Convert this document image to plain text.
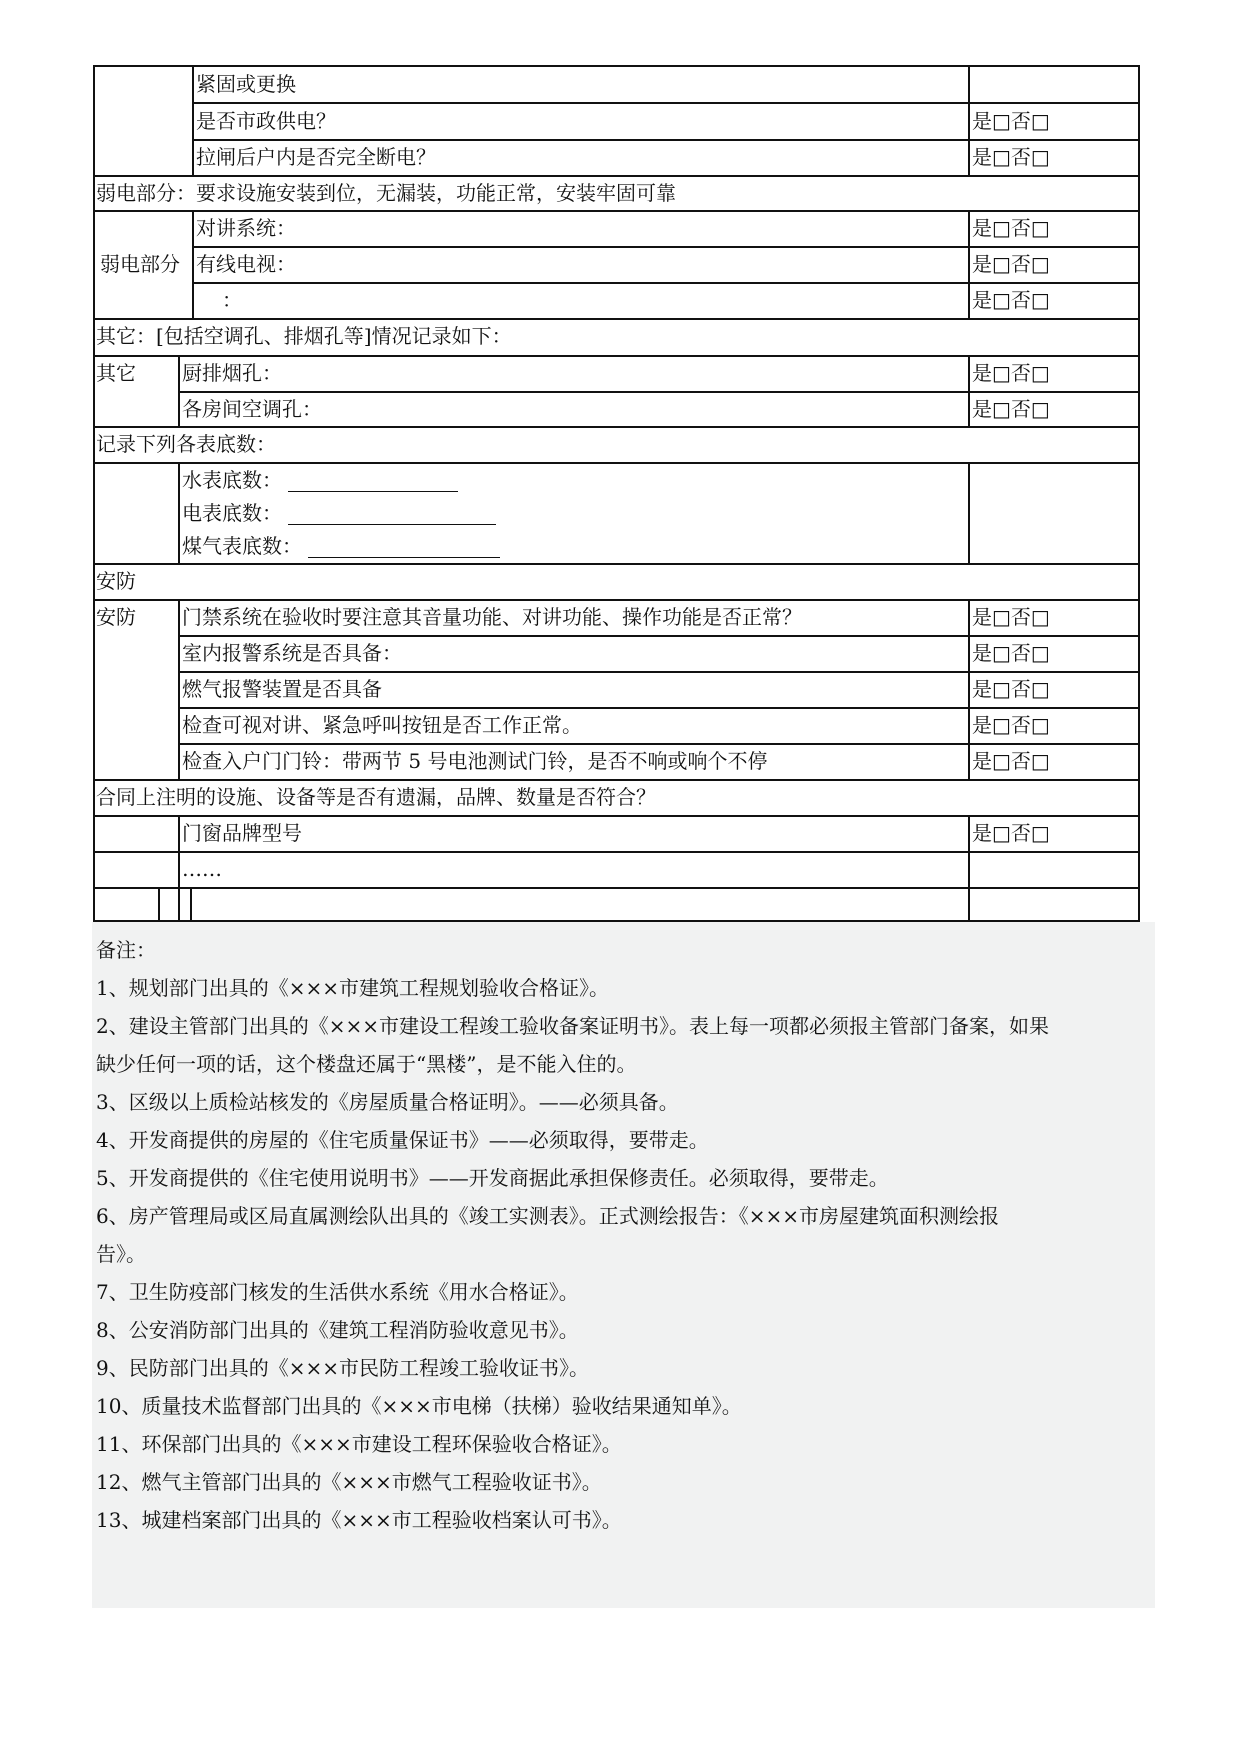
紧固或更换
是否市政供电？	是□否□
拉闸后户内是否完全断电？	是□否□
弱电部分：要求设施安装到位，无漏装，功能正常，安装牢固可靠
弱电部分
对讲系统：	是□否□
有线电视：	是□否□
：	是□否□
其它：[包括空调孔、排烟孔等]情况记录如下：
其它 厨排烟孔：	是□否□
各房间空调孔：	是□否□
记录下列各表底数：
水表底数：
电表底数：
煤气表底数：
安防
安防 门禁系统在验收时要注意其音量功能、对讲功能、操作功能是否正常？	是□否□
室内报警系统是否具备：	是□否□
燃气报警装置是否具备	是□否□
检查可视对讲、紧急呼叫按钮是否工作正常。	是□否□
检查入户门门铃：带两节 5 号电池测试门铃，是否不响或响个不停	是□否□
合同上注明的设施、设备等是否有遗漏，品牌、数量是否符合？
门窗品牌型号	是□否□
……
备注：
1、规划部门出具的《×××市建筑工程规划验收合格证》。
2、建设主管部门出具的《×××市建设工程竣工验收备案证明书》。表上每一项都必须报主管部门备案，如果
缺少任何一项的话，这个楼盘还属于“黑楼”，是不能入住的。
3、区级以上质检站核发的《房屋质量合格证明》。——必须具备。
4、开发商提供的房屋的《住宅质量保证书》——必须取得，要带走。
5、开发商提供的《住宅使用说明书》——开发商据此承担保修责任。必须取得，要带走。
6、房产管理局或区局直属测绘队出具的《竣工实测表》。正式测绘报告：《×××市房屋建筑面积测绘报
告》。
7、卫生防疫部门核发的生活供水系统《用水合格证》。
8、公安消防部门出具的《建筑工程消防验收意见书》。
9、民防部门出具的《×××市民防工程竣工验收证书》。
10、质量技术监督部门出具的《×××市电梯（扶梯）验收结果通知单》。
11、环保部门出具的《×××市建设工程环保验收合格证》。
12、燃气主管部门出具的《×××市燃气工程验收证书》。
13、城建档案部门出具的《×××市工程验收档案认可书》。
